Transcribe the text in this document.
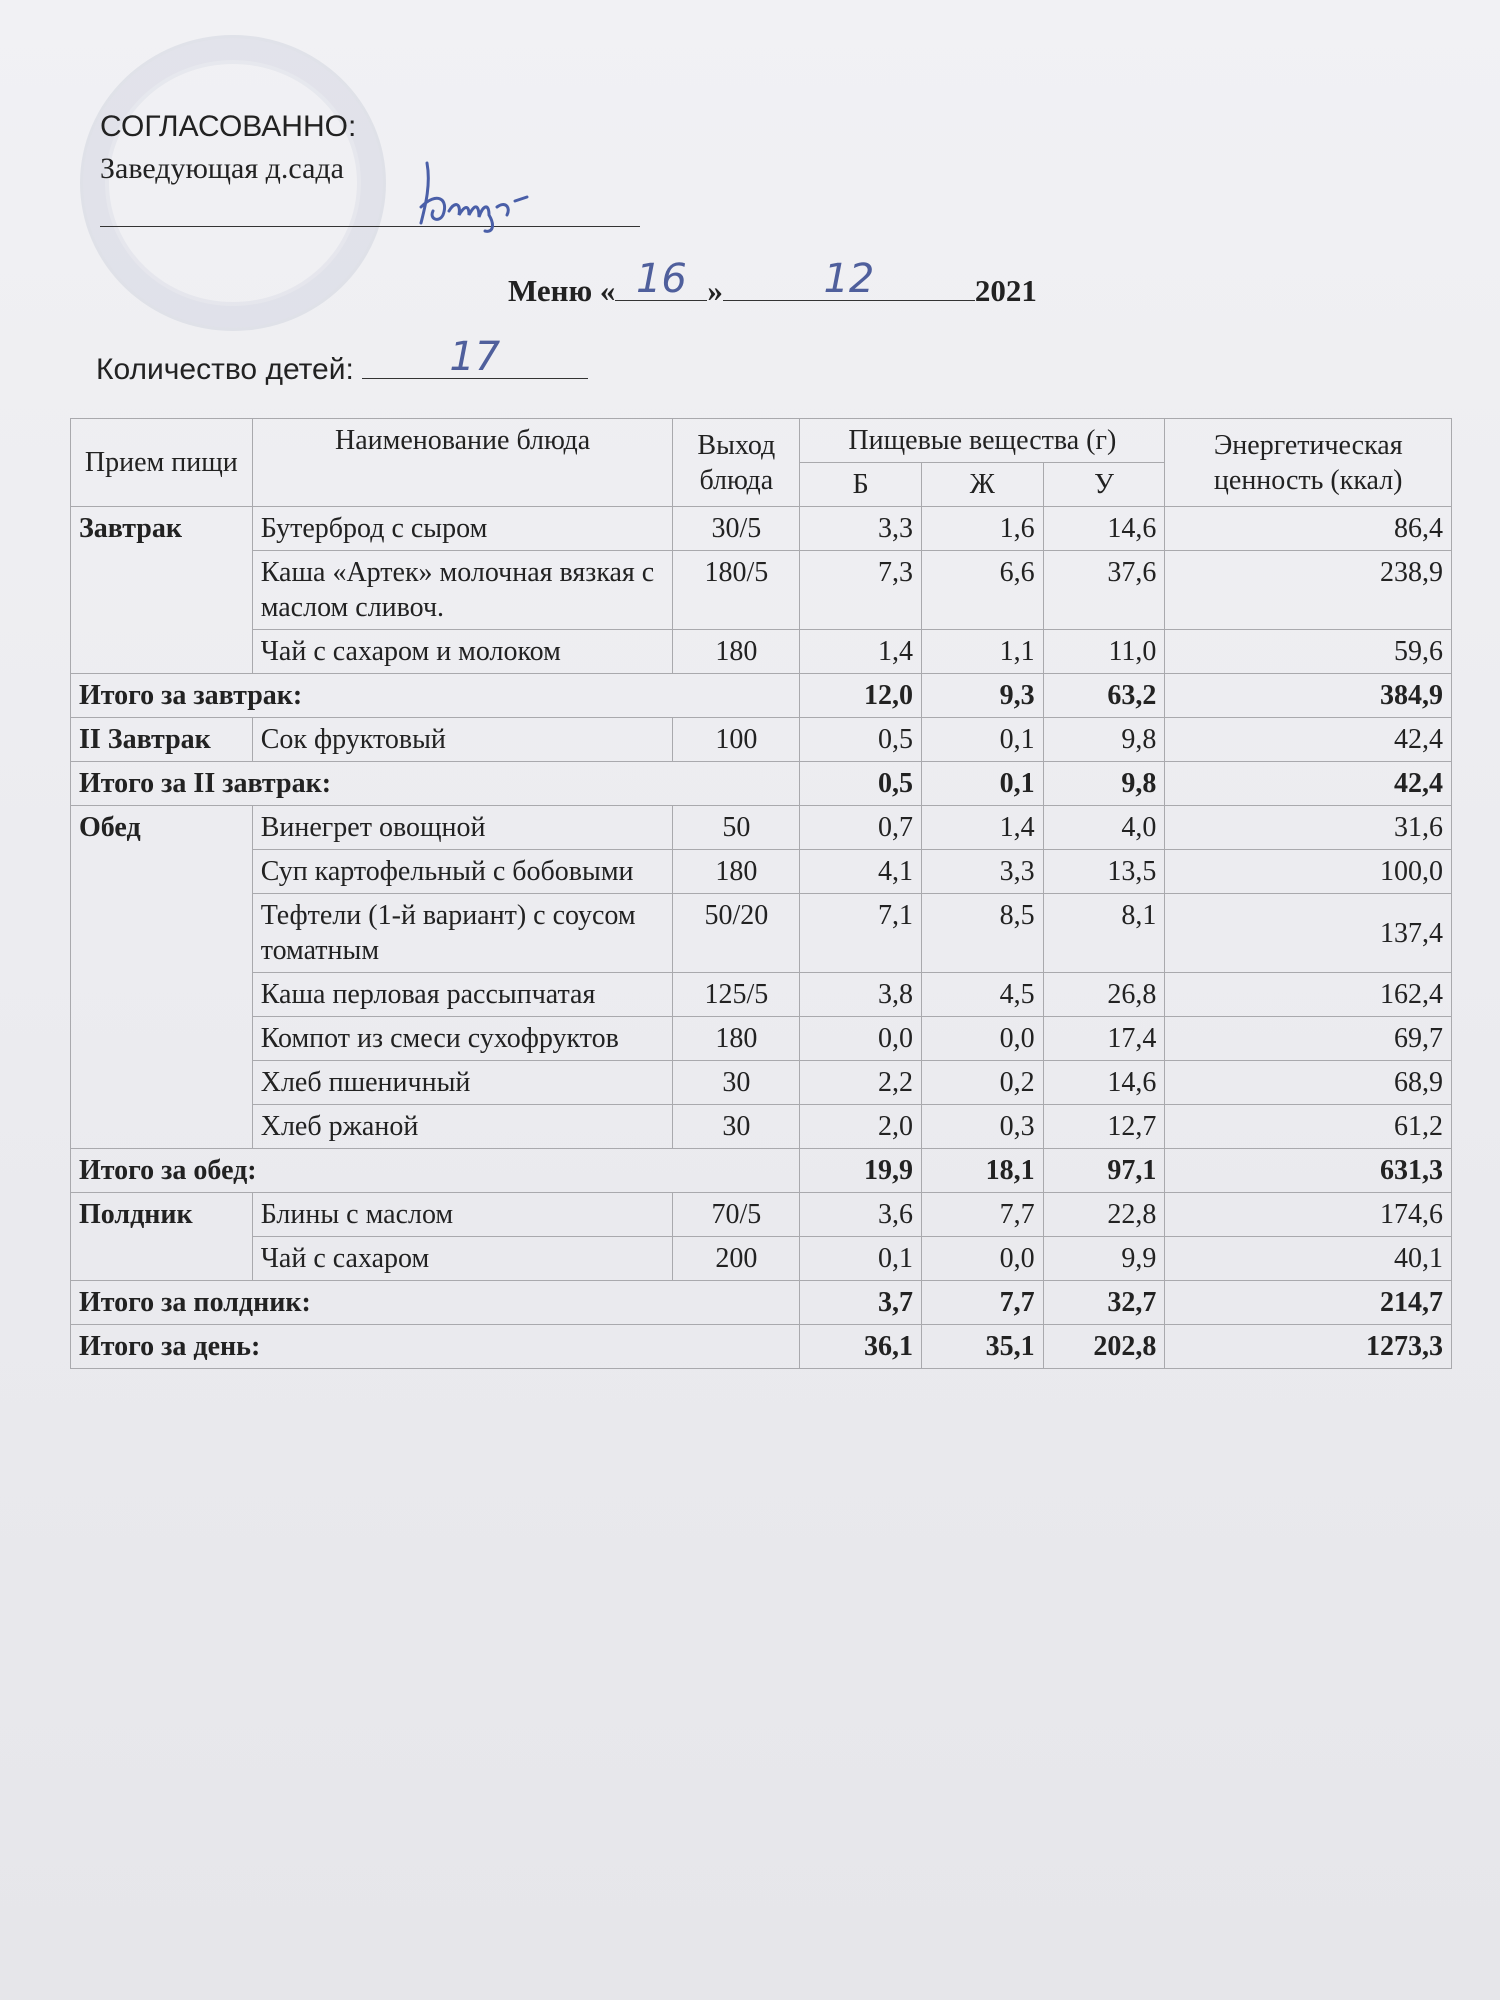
СОГЛАСОВАННО:
Заведующая д.сада
Меню « 16 »	12	2021
Количество детей: 17
Прием пищи	Наименование блюда	Выход блюда	Пищевые вещества (г)			Энергетическая ценность (ккал)
			Б	Ж	У	
Завтрак	Бутерброд с сыром	30/5	3,3	1,6	14,6	86,4
	Каша «Артек» молочная вязкая с маслом сливоч.	180/5	7,3	6,6	37,6	238,9
	Чай с сахаром и молоком	180	1,4	1,1	11,0	59,6
Итого за завтрак:			12,0	9,3	63,2	384,9
II Завтрак	Сок фруктовый	100	0,5	0,1	9,8	42,4
Итого за II завтрак:			0,5	0,1	9,8	42,4
Обед	Винегрет овощной	50	0,7	1,4	4,0	31,6
	Суп картофельный с бобовыми	180	4,1	3,3	13,5	100,0
	Тефтели (1-й вариант) с соусом томатным	50/20	7,1	8,5	8,1	137,4
	Каша перловая рассыпчатая	125/5	3,8	4,5	26,8	162,4
	Компот из смеси сухофруктов	180	0,0	0,0	17,4	69,7
	Хлеб пшеничный	30	2,2	0,2	14,6	68,9
	Хлеб ржаной	30	2,0	0,3	12,7	61,2
Итого за обед:			19,9	18,1	97,1	631,3
Полдник	Блины с маслом	70/5	3,6	7,7	22,8	174,6
	Чай с сахаром	200	0,1	0,0	9,9	40,1
Итого за полдник:			3,7	7,7	32,7	214,7
Итого за день:			36,1	35,1	202,8	1273,3
